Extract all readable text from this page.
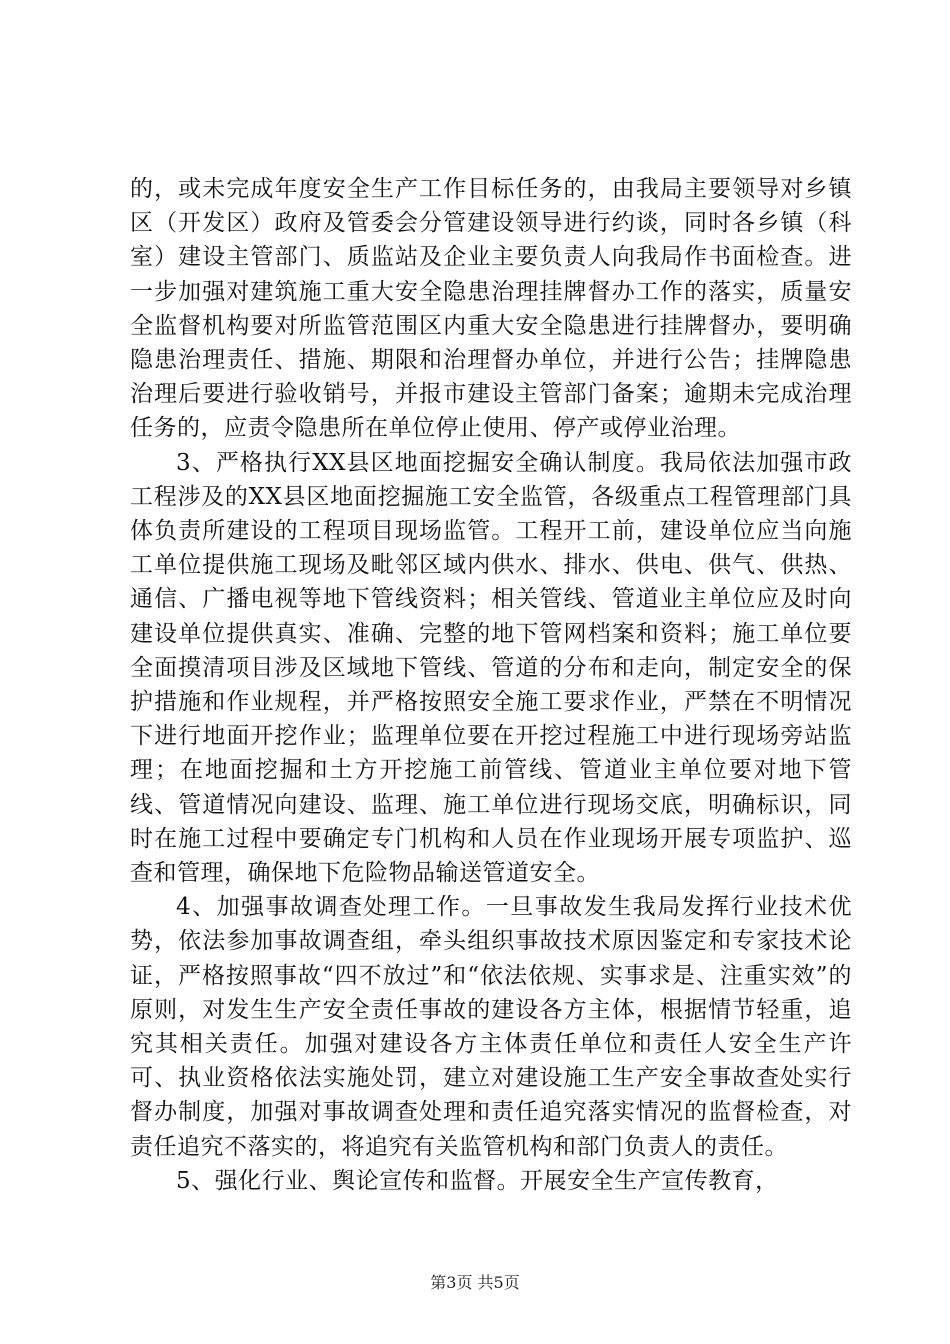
的，或未完成年度安全生产工作目标任务的，由我局主要领导对乡镇区（开发区）政府及管委会分管建设领导进行约谈，同时各乡镇（科室）建设主管部门、质监站及企业主要负责人向我局作书面检查。进一步加强对建筑施工重大安全隐患治理挂牌督办工作的落实，质量安全监督机构要对所监管范围区内重大安全隐患进行挂牌督办，要明确隐患治理责任、措施、期限和治理督办单位，并进行公告；挂牌隐患治理后要进行验收销号，并报市建设主管部门备案；逾期未完成治理任务的，应责令隐患所在单位停止使用、停产或停业治理。

3、严格执行XX县区地面挖掘安全确认制度。我局依法加强市政工程涉及的XX县区地面挖掘施工安全监管，各级重点工程管理部门具体负责所建设的工程项目现场监管。工程开工前，建设单位应当向施工单位提供施工现场及毗邻区域内供水、排水、供电、供气、供热、通信、广播电视等地下管线资料；相关管线、管道业主单位应及时向建设单位提供真实、准确、完整的地下管网档案和资料；施工单位要全面摸清项目涉及区域地下管线、管道的分布和走向，制定安全的保护措施和作业规程，并严格按照安全施工要求作业，严禁在不明情况下进行地面开挖作业；监理单位要在开挖过程施工中进行现场旁站监理；在地面挖掘和土方开挖施工前管线、管道业主单位要对地下管线、管道情况向建设、监理、施工单位进行现场交底，明确标识，同时在施工过程中要确定专门机构和人员在作业现场开展专项监护、巡查和管理，确保地下危险物品输送管道安全。

4、加强事故调查处理工作。一旦事故发生我局发挥行业技术优势，依法参加事故调查组，牵头组织事故技术原因鉴定和专家技术论证，严格按照事故“四不放过”和“依法依规、实事求是、注重实效”的原则，对发生生产安全责任事故的建设各方主体，根据情节轻重，追究其相关责任。加强对建设各方主体责任单位和责任人安全生产许可、执业资格依法实施处罚，建立对建设施工生产安全事故查处实行督办制度，加强对事故调查处理和责任追究落实情况的监督检查，对责任追究不落实的，将追究有关监管机构和部门负责人的责任。

5、强化行业、舆论宣传和监督。开展安全生产宣传教育，

第3页 共5页
